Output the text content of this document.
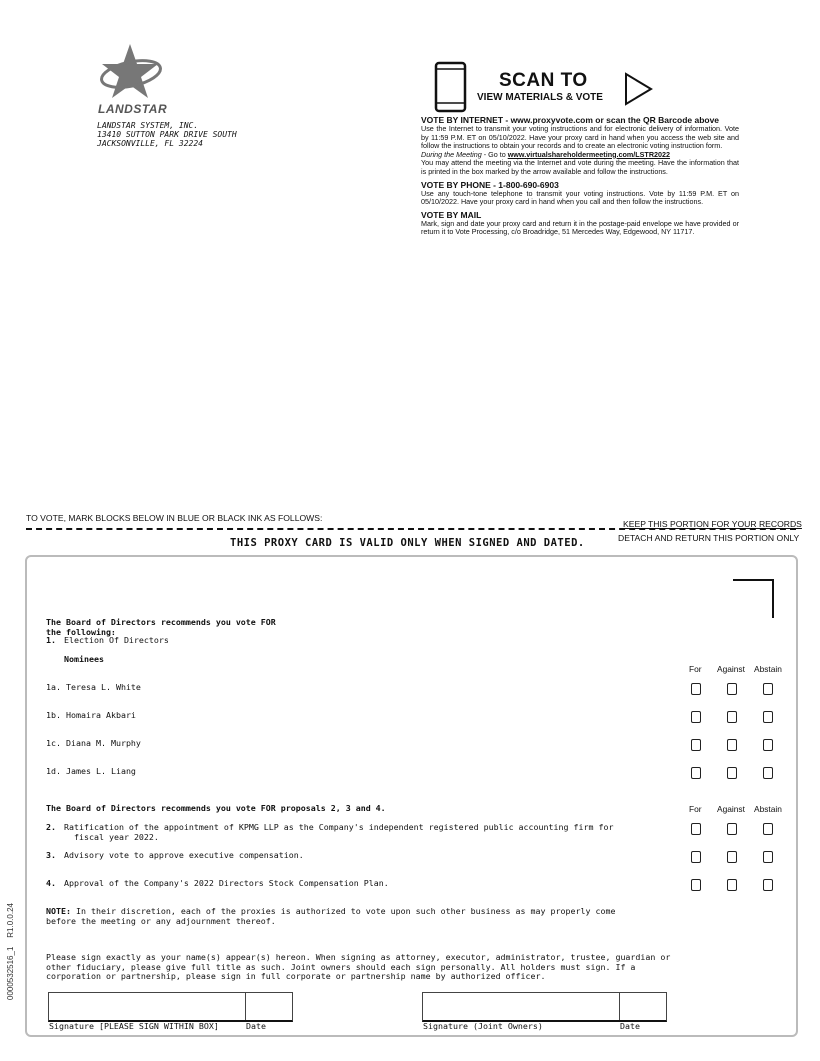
LANDSTAR
LANDSTAR SYSTEM, INC.
13410 SUTTON PARK DRIVE SOUTH
JACKSONVILLE, FL 32224
SCAN TO
VIEW MATERIALS & VOTE
VOTE BY INTERNET - www.proxyvote.com or scan the QR Barcode above
Use the Internet to transmit your voting instructions and for electronic delivery of information. Vote by 11:59 P.M. ET on 05/10/2022. Have your proxy card in hand when you access the web site and follow the instructions to obtain your records and to create an electronic voting instruction form.
During the Meeting - Go to www.virtualshareholdermeeting.com/LSTR2022
You may attend the meeting via the Internet and vote during the meeting. Have the information that is printed in the box marked by the arrow available and follow the instructions.
VOTE BY PHONE - 1-800-690-6903
Use any touch-tone telephone to transmit your voting instructions. Vote by 11:59 P.M. ET on 05/10/2022. Have your proxy card in hand when you call and then follow the instructions.
VOTE BY MAIL
Mark, sign and date your proxy card and return it in the postage-paid envelope we have provided or return it to Vote Processing, c/o Broadridge, 51 Mercedes Way, Edgewood, NY 11717.
TO VOTE, MARK BLOCKS BELOW IN BLUE OR BLACK INK AS FOLLOWS:
KEEP THIS PORTION FOR YOUR RECORDS
DETACH AND RETURN THIS PORTION ONLY
THIS PROXY CARD IS VALID ONLY WHEN SIGNED AND DATED.
The Board of Directors recommends you vote FOR
the following:
1. Election Of Directors
Nominees
For Against Abstain
1a. Teresa L. White
1b. Homaira Akbari
1c. Diana M. Murphy
1d. James L. Liang
The Board of Directors recommends you vote FOR proposals 2, 3 and 4.	For Against Abstain
2. Ratification of the appointment of KPMG LLP as the Company's independent registered public accounting firm for
fiscal year 2022.
3. Advisory vote to approve executive compensation.
4. Approval of the Company's 2022 Directors Stock Compensation Plan.
NOTE: In their discretion, each of the proxies is authorized to vote upon such other business as may properly come
before the meeting or any adjournment thereof.
Please sign exactly as your name(s) appear(s) hereon. When signing as attorney, executor, administrator, trustee, guardian or
other fiduciary, please give full title as such. Joint owners should each sign personally. All holders must sign. If a
corporation or partnership, please sign in full corporate or partnership name by authorized officer.
Signature [PLEASE SIGN WITHIN BOX]	Date	Signature (Joint Owners)	Date
0000532516_1    R1.0.0.24
